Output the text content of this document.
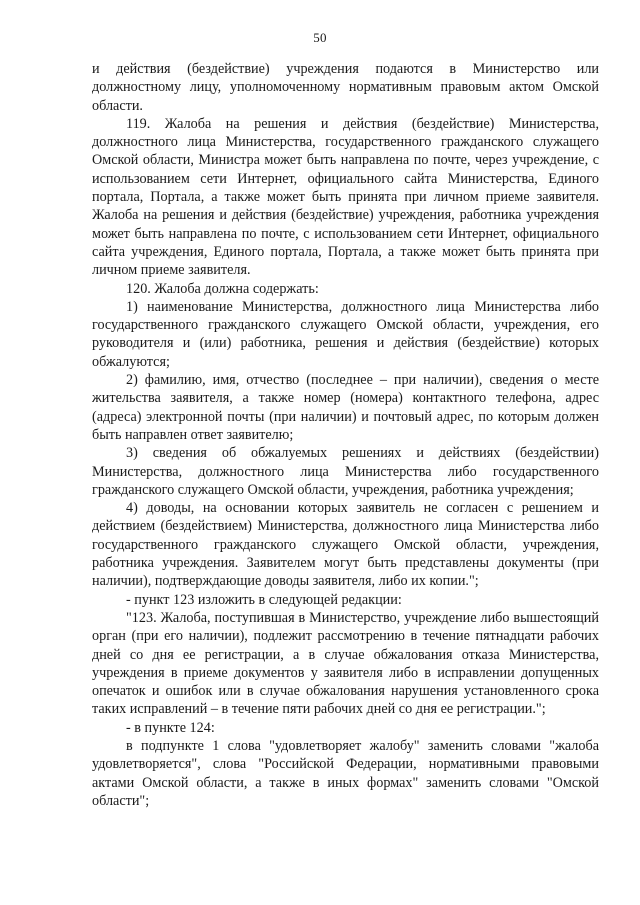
50

и действия (бездействие) учреждения подаются в Министерство или должностному лицу, уполномоченному нормативным правовым актом Омской области.

119. Жалоба на решения и действия (бездействие) Министерства, должностного лица Министерства, государственного гражданского служащего Омской области, Министра может быть направлена по почте, через учреждение, с использованием сети Интернет, официального сайта Министерства, Единого портала, Портала, а также может быть принята при личном приеме заявителя. Жалоба на решения и действия (бездействие) учреждения, работника учреждения может быть направлена по почте, с использованием сети Интернет, официального сайта учреждения, Единого портала, Портала, а также может быть принята при личном приеме заявителя.

120. Жалоба должна содержать:

1) наименование Министерства, должностного лица Министерства либо государственного гражданского служащего Омской области, учреждения, его руководителя и (или) работника, решения и действия (бездействие) которых обжалуются;

2) фамилию, имя, отчество (последнее – при наличии), сведения о месте жительства заявителя, а также номер (номера) контактного телефона, адрес (адреса) электронной почты (при наличии) и почтовый адрес, по которым должен быть направлен ответ заявителю;

3) сведения об обжалуемых решениях и действиях (бездействии) Министерства, должностного лица Министерства либо государственного гражданского служащего Омской области, учреждения, работника учреждения;

4) доводы, на основании которых заявитель не согласен с решением и действием (бездействием) Министерства, должностного лица Министерства либо государственного гражданского служащего Омской области, учреждения, работника учреждения. Заявителем могут быть представлены документы (при наличии), подтверждающие доводы заявителя, либо их копии.";

- пункт 123 изложить в следующей редакции:

"123. Жалоба, поступившая в Министерство, учреждение либо вышестоящий орган (при его наличии), подлежит рассмотрению в течение пятнадцати рабочих дней со дня ее регистрации, а в случае обжалования отказа Министерства, учреждения в приеме документов у заявителя либо в исправлении допущенных опечаток и ошибок или в случае обжалования нарушения установленного срока таких исправлений – в течение пяти рабочих дней со дня ее регистрации.";

- в пункте 124:

в подпункте 1 слова "удовлетворяет жалобу" заменить словами "жалоба удовлетворяется", слова "Российской Федерации, нормативными правовыми актами Омской области, а также в иных формах" заменить словами "Омской области";
